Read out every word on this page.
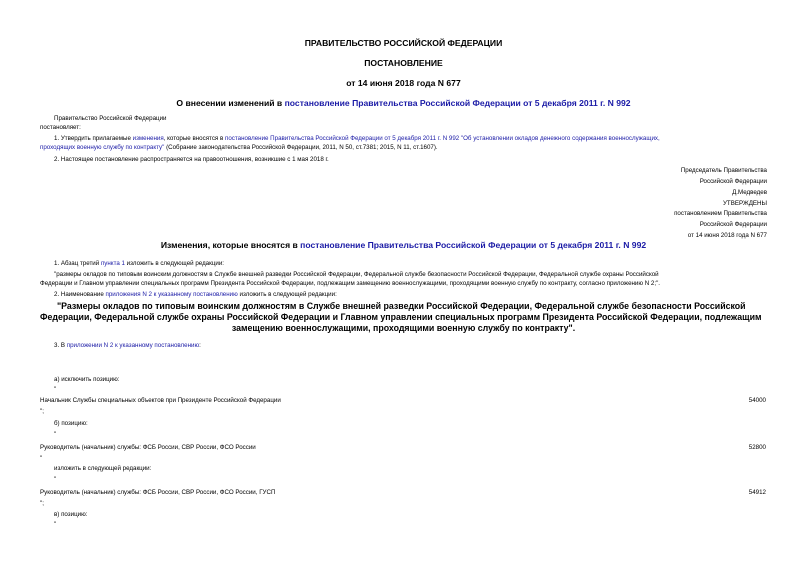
ПРАВИТЕЛЬСТВО РОССИЙСКОЙ ФЕДЕРАЦИИ
ПОСТАНОВЛЕНИЕ
от 14 июня 2018 года N 677
О внесении изменений в постановление Правительства Российской Федерации от 5 декабря 2011 г. N 992
Правительство Российской Федерации
постановляет:
1. Утвердить прилагаемые изменения, которые вносятся в постановление Правительства Российской Федерации от 5 декабря 2011 г. N 992 "Об установлении окладов денежного содержания военнослужащих,
проходящих военную службу по контракту" (Собрание законодательства Российской Федерации, 2011, N 50, ст.7381; 2015, N 11, ст.1607).
2. Настоящее постановление распространяется на правоотношения, возникшие с 1 мая 2018 г.
Председатель Правительства
Российской Федерации
Д.Медведев
УТВЕРЖДЕНЫ
постановлением Правительства
Российской Федерации
от 14 июня 2018 года N 677
Изменения, которые вносятся в постановление Правительства Российской Федерации от 5 декабря 2011 г. N 992
1. Абзац третий пункта 1 изложить в следующей редакции:
"размеры окладов по типовым воинским должностям в Службе внешней разведки Российской Федерации, Федеральной службе безопасности Российской Федерации, Федеральной службе охраны Российской
Федерации и Главном управлении специальных программ Президента Российской Федерации, подлежащим замещению военнослужащими, проходящими военную службу по контракту, согласно приложению N 2;".
2. Наименование приложения N 2 к указанному постановлению изложить в следующей редакции:
"Размеры окладов по типовым воинским должностям в Службе внешней разведки Российской Федерации, Федеральной службе безопасности Российской
Федерации, Федеральной службе охраны Российской Федерации и Главном управлении специальных программ Президента Российской Федерации, подлежащим
замещению военнослужащими, проходящими военную службу по контракту".
3. В приложении N 2 к указанному постановлению:
а) исключить позицию:
"
Начальник Службы специальных объектов при Президенте Российской Федерации	54000
";
б) позицию:
"
Руководитель (начальник) службы: ФСБ России, СВР России, ФСО России	52800
"
изложить в следующей редакции:
"
Руководитель (начальник) службы: ФСБ России, СВР России, ФСО России, ГУСП	54912
";
в) позицию:
"
